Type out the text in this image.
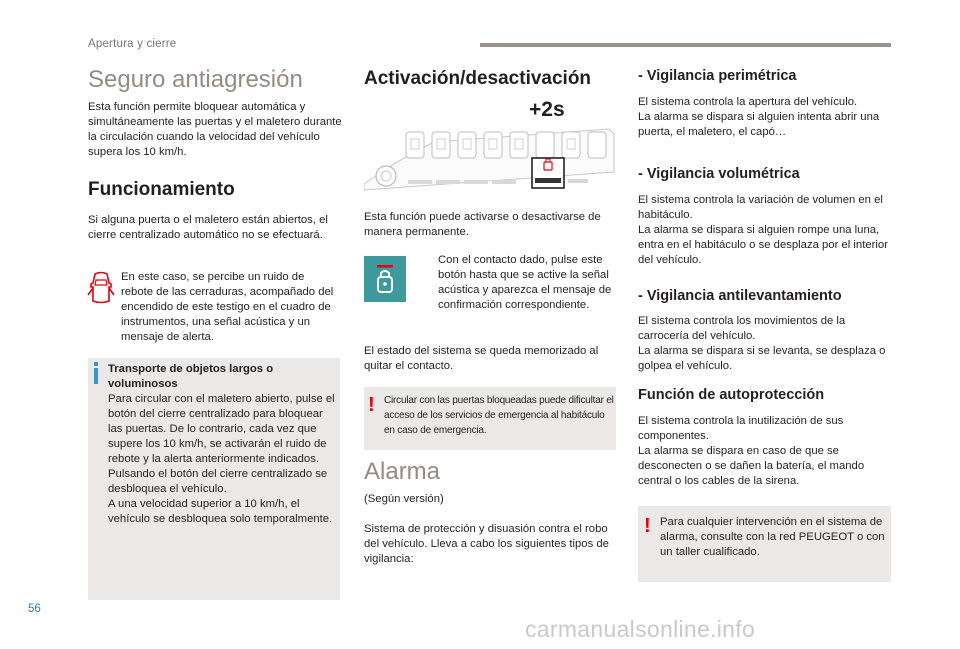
Apertura y cierre
Seguro antiagresión

Esta función permite bloquear automática y simultáneamente las puertas y el maletero durante la circulación cuando la velocidad del vehículo supera los 10 km/h.

Funcionamiento

Si alguna puerta o el maletero están abiertos, el cierre centralizado automático no se efectuará.

En este caso, se percibe un ruido de rebote de las cerraduras, acompañado del encendido de este testigo en el cuadro de instrumentos, una señal acústica y un mensaje de alerta.

Transporte de objetos largos o voluminosos

Para circular con el maletero abierto, pulse el botón del cierre centralizado para bloquear las puertas. De lo contrario, cada vez que supere los 10 km/h, se activarán el ruido de rebote y la alerta anteriormente indicados.
Pulsando el botón del cierre centralizado se desbloquea el vehículo.
A una velocidad superior a 10 km/h, el vehículo se desbloquea solo temporalmente.

Activación/desactivación
+2s

Esta función puede activarse o desactivarse de manera permanente.

Con el contacto dado, pulse este botón hasta que se active la señal acústica y aparezca el mensaje de confirmación correspondiente.

El estado del sistema se queda memorizado al quitar el contacto.

! Circular con las puertas bloqueadas puede dificultar el acceso de los servicios de emergencia al habitáculo en caso de emergencia.

Alarma

(Según versión)

Sistema de protección y disuasión contra el robo del vehículo. Lleva a cabo los siguientes tipos de vigilancia:

- Vigilancia perimétrica

El sistema controla la apertura del vehículo.
La alarma se dispara si alguien intenta abrir una puerta, el maletero, el capó…

- Vigilancia volumétrica

El sistema controla la variación de volumen en el habitáculo.
La alarma se dispara si alguien rompe una luna, entra en el habitáculo o se desplaza por el interior del vehículo.

- Vigilancia antilevantamiento

El sistema controla los movimientos de la carrocería del vehículo.
La alarma se dispara si se levanta, se desplaza o golpea el vehículo.

Función de autoprotección

El sistema controla la inutilización de sus componentes.
La alarma se dispara en caso de que se desconecten o se dañen la batería, el mando central o los cables de la sirena.

! Para cualquier intervención en el sistema de alarma, consulte con la red PEUGEOT o con un taller cualificado.

56
carmanualsonline.info
